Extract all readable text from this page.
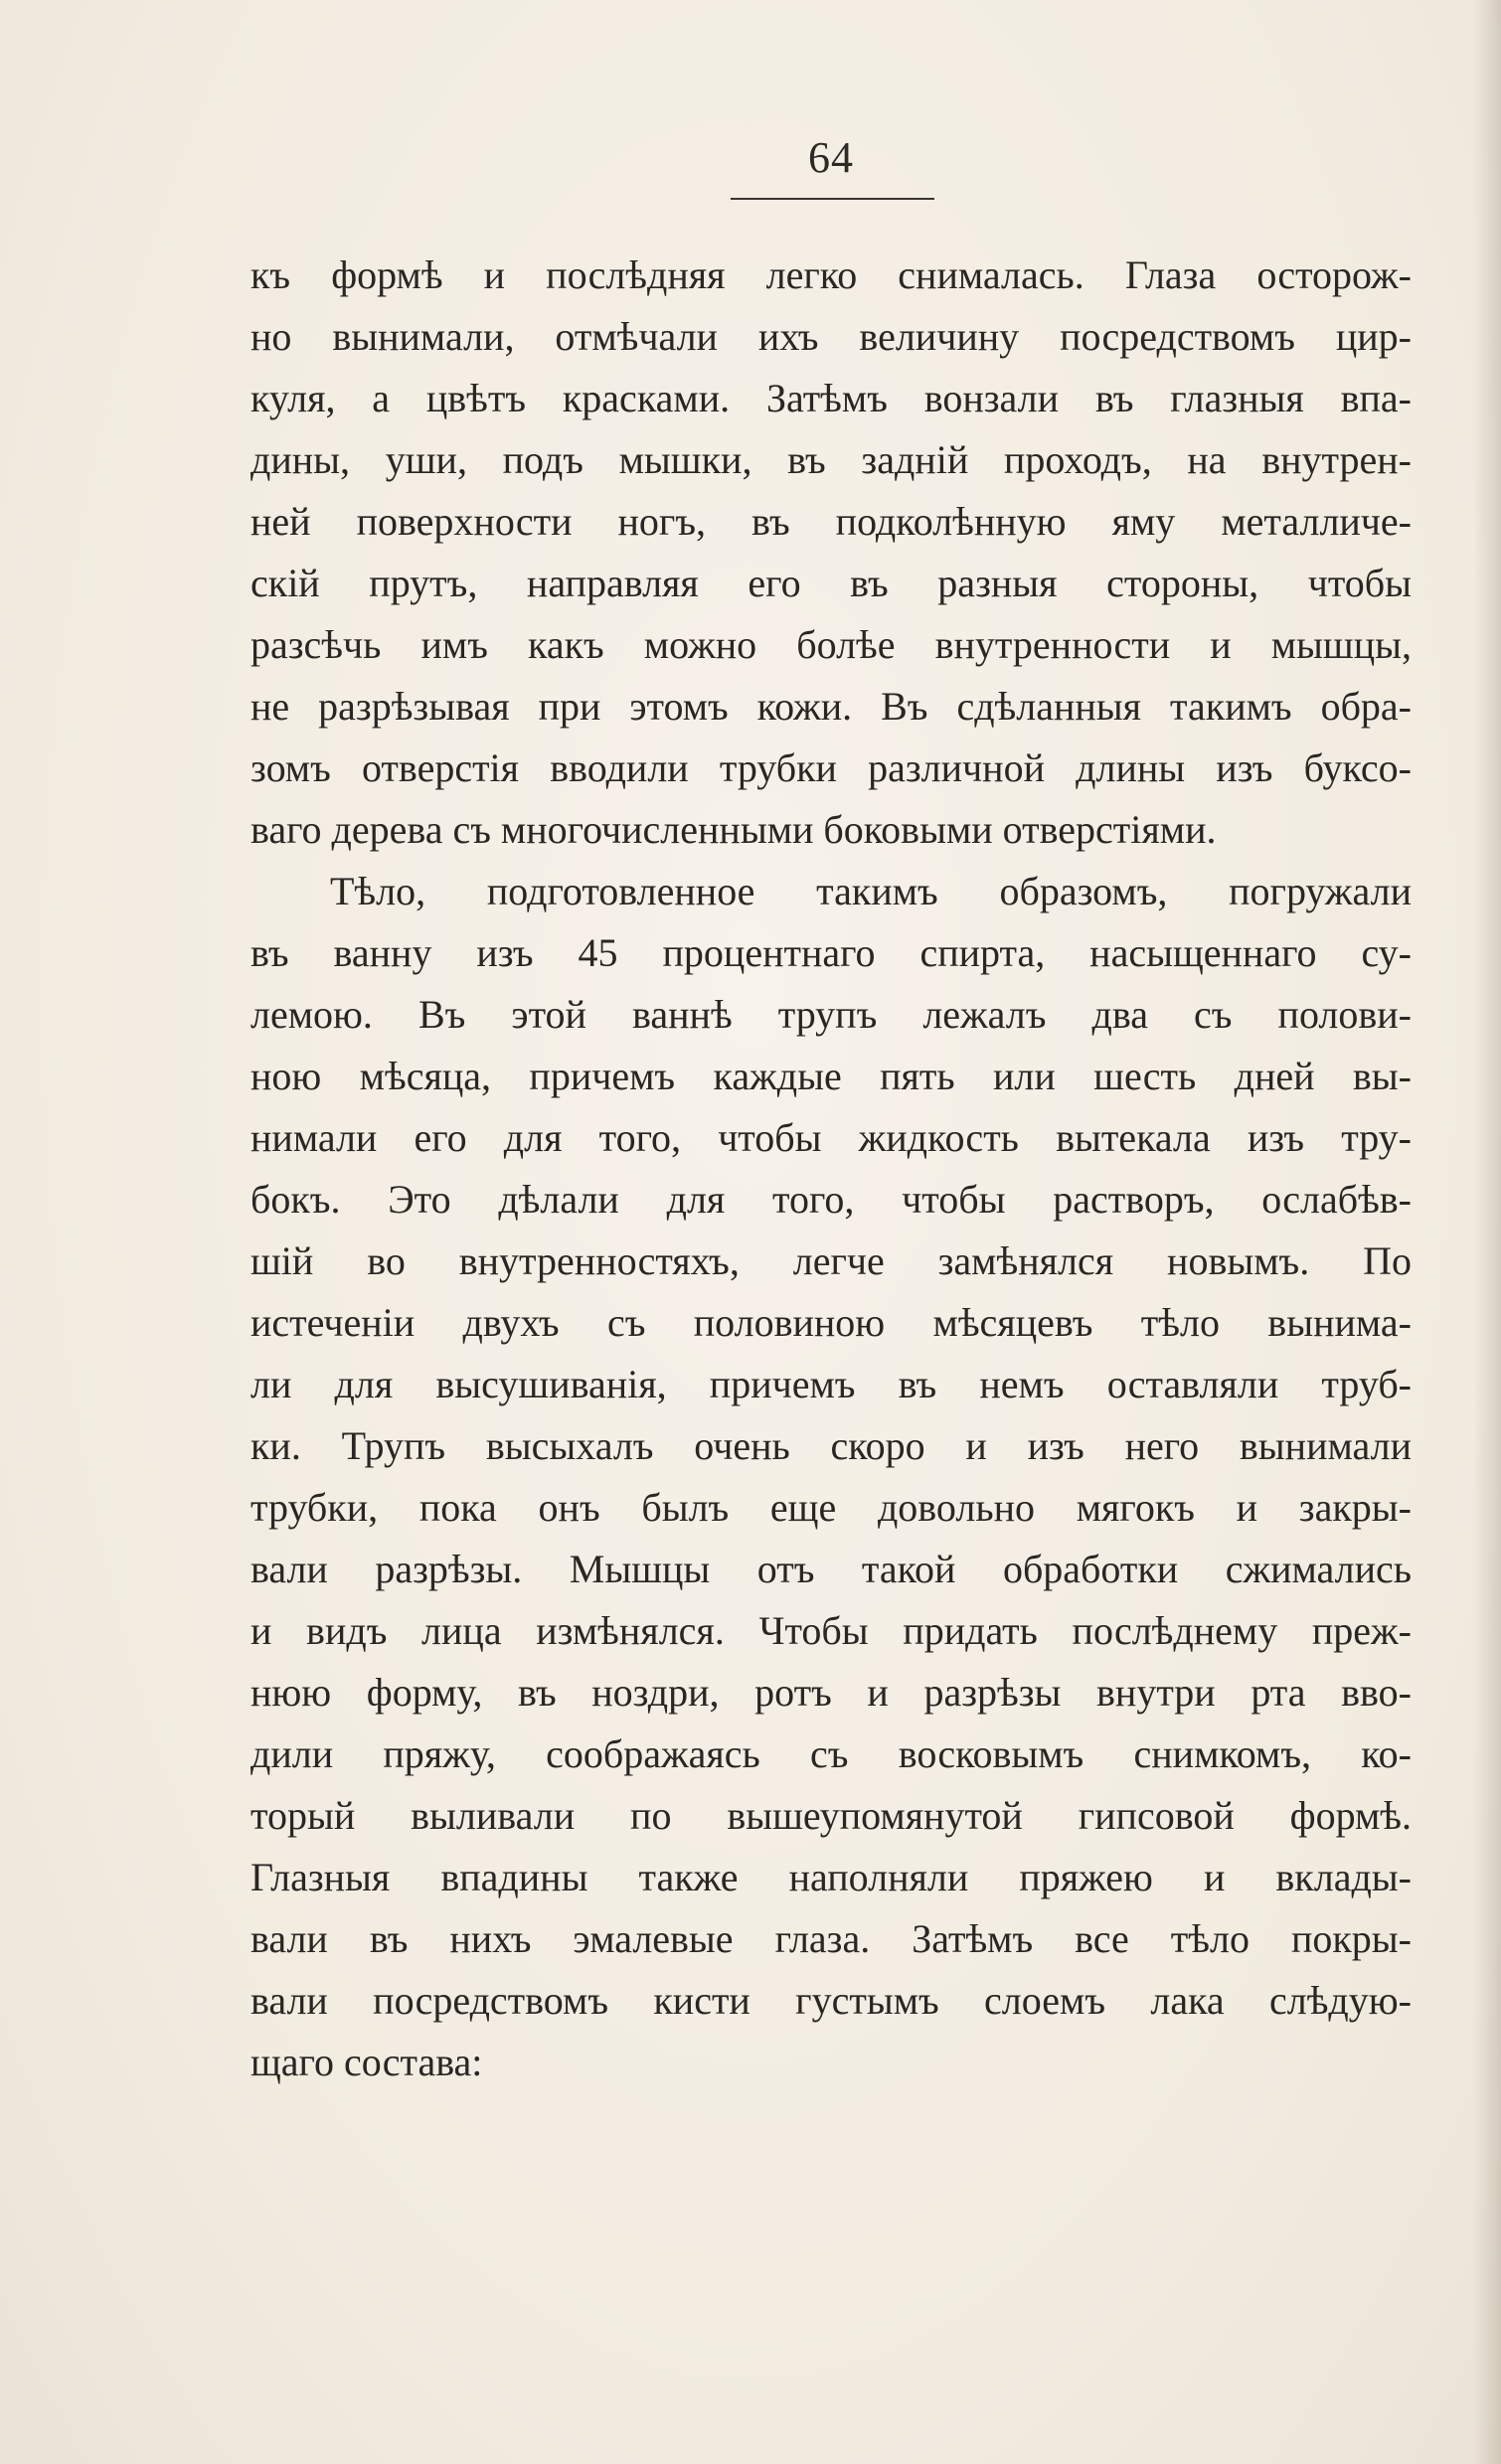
64
къ формѣ и послѣдняя легко снималась. Глаза осторож-
но вынимали, отмѣчали ихъ величину посредствомъ цир-
куля, а цвѣтъ красками. Затѣмъ вонзали въ глазныя впа-
дины, уши, подъ мышки, въ задній проходъ, на внутрен-
ней поверхности ногъ, въ подколѣнную яму металличе-
скій прутъ, направляя его въ разныя стороны, чтобы
разсѣчь имъ какъ можно болѣе внутренности и мышцы,
не разрѣзывая при этомъ кожи. Въ сдѣланныя такимъ обра-
зомъ отверстія вводили трубки различной длины изъ буксо-
ваго дерева съ многочисленными боковыми отверстіями.
Тѣло, подготовленное такимъ образомъ, погружали
въ ванну изъ 45 процентнаго спирта, насыщеннаго су-
лемою. Въ этой ваннѣ трупъ лежалъ два съ полови-
ною мѣсяца, причемъ каждые пять или шесть дней вы-
нимали его для того, чтобы жидкость вытекала изъ тру-
бокъ. Это дѣлали для того, чтобы растворъ, ослабѣв-
шій во внутренностяхъ, легче замѣнялся новымъ. По
истеченіи двухъ съ половиною мѣсяцевъ тѣло вынима-
ли для высушиванія, причемъ въ немъ оставляли труб-
ки. Трупъ высыхалъ очень скоро и изъ него вынимали
трубки, пока онъ былъ еще довольно мягокъ и закры-
вали разрѣзы. Мышцы отъ такой обработки сжимались
и видъ лица измѣнялся. Чтобы придать послѣднему преж-
нюю форму, въ ноздри, ротъ и разрѣзы внутри рта вво-
дили пряжу, соображаясь съ восковымъ снимкомъ, ко-
торый выливали по вышеупомянутой гипсовой формѣ.
Глазныя впадины также наполняли пряжею и вклады-
вали въ нихъ эмалевые глаза. Затѣмъ все тѣло покры-
вали посредствомъ кисти густымъ слоемъ лака слѣдую-
щаго состава:
